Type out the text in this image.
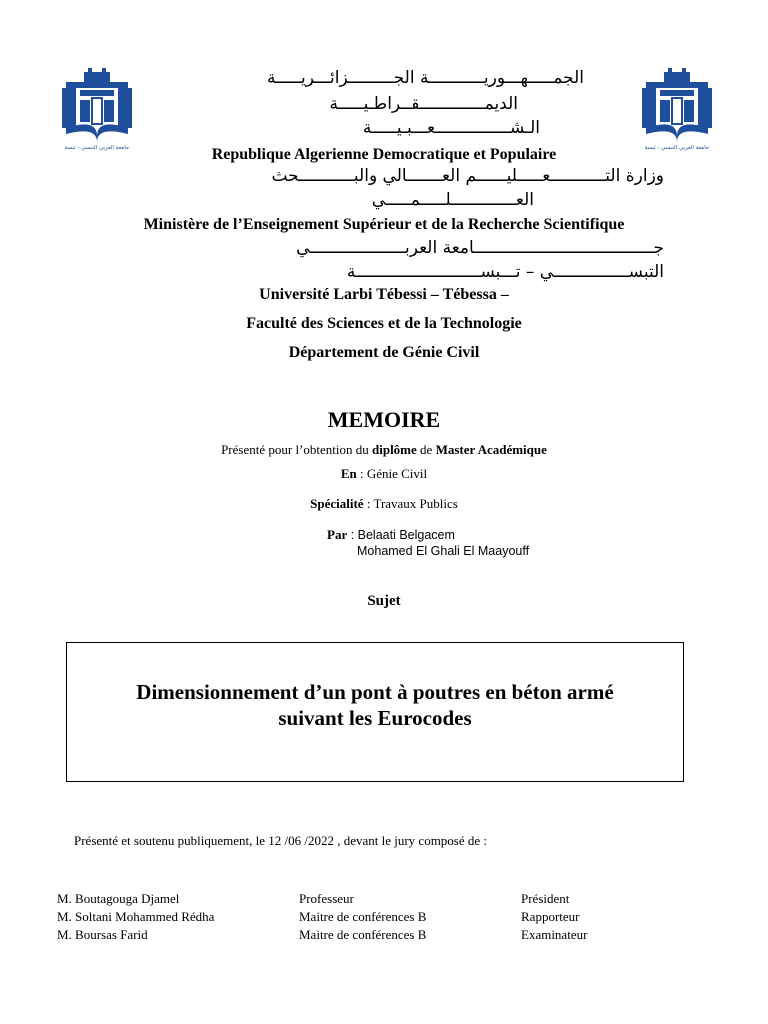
جامعة العربي التبسي - تبسة	جامعة العربي التبسي - تبسة
الجمـــــهـــوريـــــــــــة الجـــــــــزائـــريـــــة
الديمـــــــــــــقــراطـيـــــة
الـشـــــــــــــــعـــبـيـــــة
Republique Algerienne Democratique et Populaire
وزارة التـــــــــــعـــــليــــــم العـــــــالي والبـــــــــــحث
العـــــــــــــلـــــمـــــي
Ministère de l’Enseignement Supérieur et de la Recherche Scientifique
جــــــــــــــــــــــــــــــــــــامعة العربـــــــــــــــــــي
التبســـــــــــــــي – تـــبســـــــــــــــــــــــــة
Université Larbi Tébessi – Tébessa –
Faculté des Sciences et de la Technologie
Département de Génie Civil
MEMOIRE
Présenté pour l’obtention du diplôme de Master Académique
En : Génie Civil
Spécialité : Travaux Publics
Par : Belaati Belgacem
Mohamed El Ghali El Maayouff
Sujet
Dimensionnement d’un pont à poutres en béton armé
suivant les Eurocodes
Présenté et soutenu publiquement, le 12 /06 /2022 , devant le jury composé de :
M. Boutagouga Djamel	Professeur	Président
M. Soltani Mohammed Rédha	Maitre de conférences B	Rapporteur
M. Boursas Farid	Maitre de conférences B	Examinateur
